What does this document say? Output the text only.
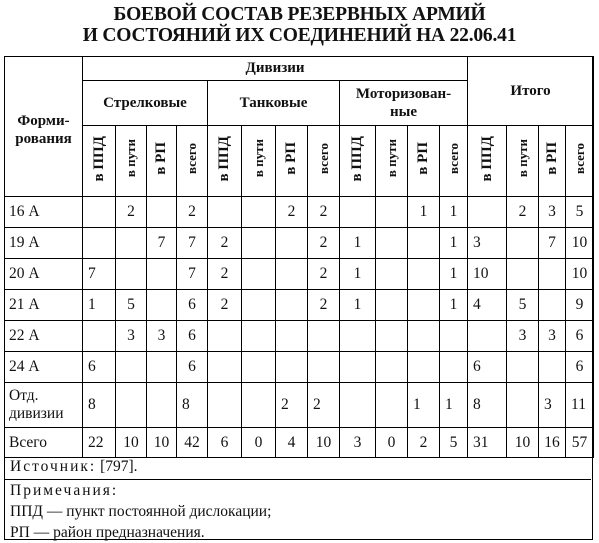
БОЕВОЙ СОСТАВ РЕЗЕРВНЫХ АРМИЙ
И СОСТОЯНИЙ ИХ СОЕДИНЕНИЙ НА 22.06.41
Форми-
рования	Дивизии												Итого			
	Стрелковые				Танковые				Моторизован-
ные							
	в ППД	в пути	в РП	всего	в ППД	в пути	в РП	всего	в ППД	в пути	в РП	всего	в ППД	в пути	в РП	всего
16 А		2		2			2	2			1	1		2	3	5
19 А			7	7	2			2	1			1	3		7	10
20 А	7			7	2			2	1			1	10			10
21 А	1	5		6	2			2	1			1	4	5		9
22 А		3	3	6										3	3	6
24 А	6			6									6			6

Отд.
дивизии	8			8			2	2			1	1	8		3	11
Всего	22	10	10	42	6	0	4	10	3	0	2	5	31	10	16	57
Источник: [797].
Примечания:
ППД — пункт постоянной дислокации;
РП — район предназначения.
